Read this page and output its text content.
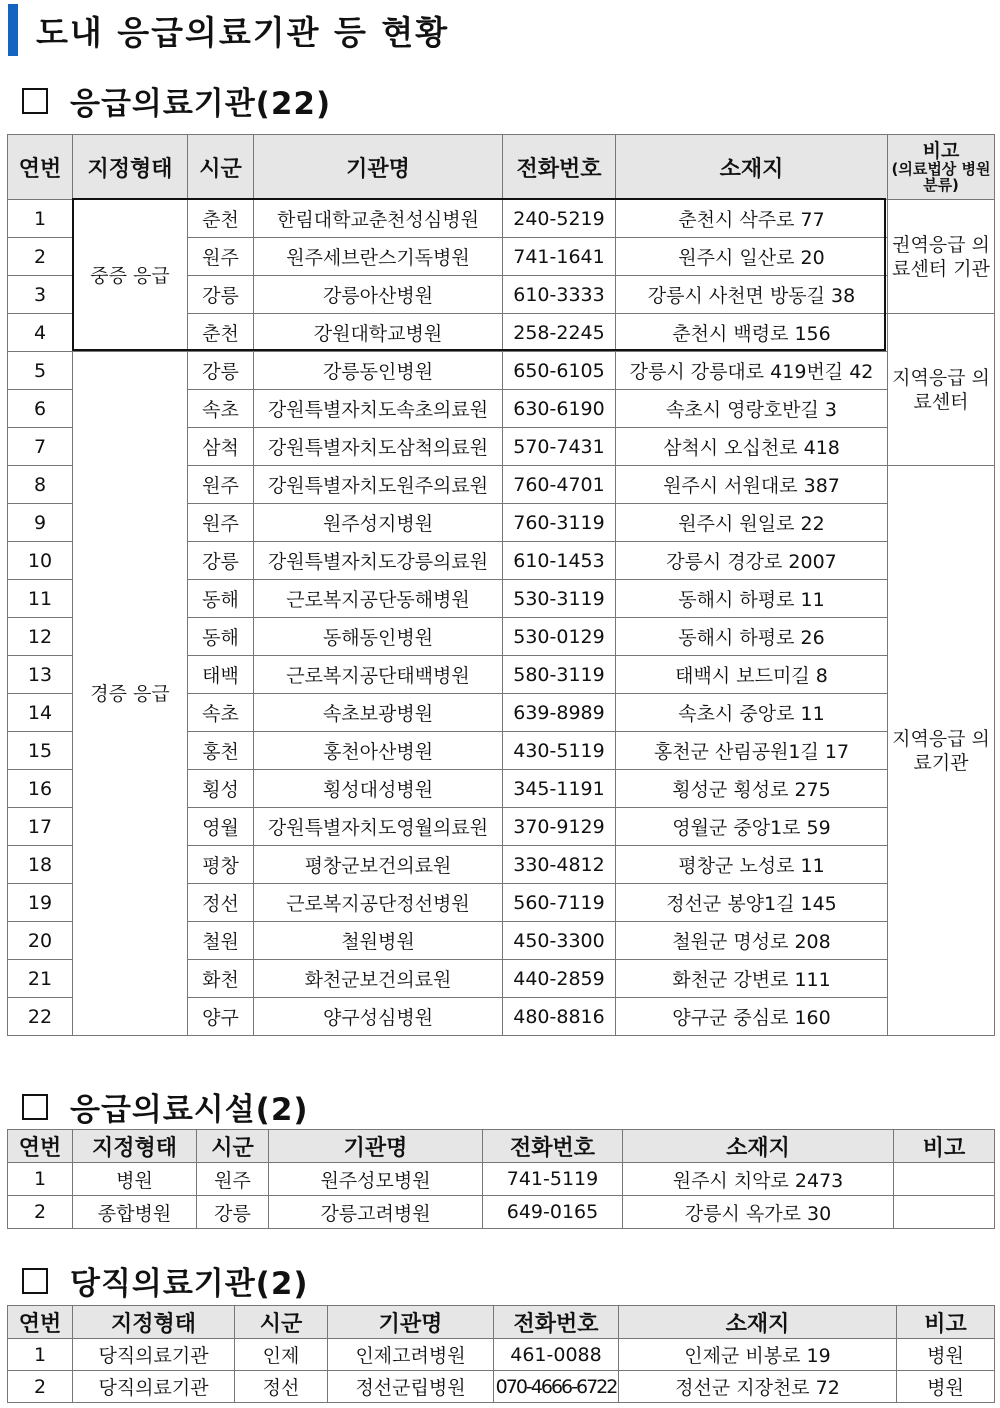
도내 응급의료기관 등 현황
응급의료기관(22)
연번	지정형태	시군	기관명	전화번호	소재지	비고
(의료법상 병원분류)

1	중증 응급	춘천	한림대학교춘천성심병원	240-5219	춘천시 삭주로 77	권역응급 의료센터 기관
2		원주	원주세브란스기독병원	741-1641	원주시 일산로 20	
3		강릉	강릉아산병원	610-3333	강릉시 사천면 방동길 38	
4		춘천	강원대학교병원	258-2245	춘천시 백령로 156	지역응급 의료센터
5	경증 응급	강릉	강릉동인병원	650-6105	강릉시 강릉대로 419번길 42	
6		속초	강원특별자치도속초의료원	630-6190	속초시 영랑호반길 3	
7		삼척	강원특별자치도삼척의료원	570-7431	삼척시 오십천로 418	
8		원주	강원특별자치도원주의료원	760-4701	원주시 서원대로 387	지역응급 의료기관
9		원주	원주성지병원	760-3119	원주시 원일로 22	
10		강릉	강원특별자치도강릉의료원	610-1453	강릉시 경강로 2007	
11		동해	근로복지공단동해병원	530-3119	동해시 하평로 11	
12		동해	동해동인병원	530-0129	동해시 하평로 26	
13		태백	근로복지공단태백병원	580-3119	태백시 보드미길 8	
14		속초	속초보광병원	639-8989	속초시 중앙로 11	
15		홍천	홍천아산병원	430-5119	홍천군 산림공원1길 17	
16		횡성	횡성대성병원	345-1191	횡성군 횡성로 275	
17		영월	강원특별자치도영월의료원	370-9129	영월군 중앙1로 59	
18		평창	평창군보건의료원	330-4812	평창군 노성로 11	
19		정선	근로복지공단정선병원	560-7119	정선군 봉양1길 145	
20		철원	철원병원	450-3300	철원군 명성로 208	
21		화천	화천군보건의료원	440-2859	화천군 강변로 111	
22		양구	양구성심병원	480-8816	양구군 중심로 160	
응급의료시설(2)
연번	지정형태	시군	기관명	전화번호	소재지	비고
1	병원	원주	원주성모병원	741-5119	원주시 치악로 2473	
2	종합병원	강릉	강릉고려병원	649-0165	강릉시 옥가로 30	
당직의료기관(2)
연번	지정형태	시군	기관명	전화번호	소재지	비고
1	당직의료기관	인제	인제고려병원	461-0088	인제군 비봉로 19	병원
2	당직의료기관	정선	정선군립병원	070-4666-6722	정선군 지장천로 72	병원
